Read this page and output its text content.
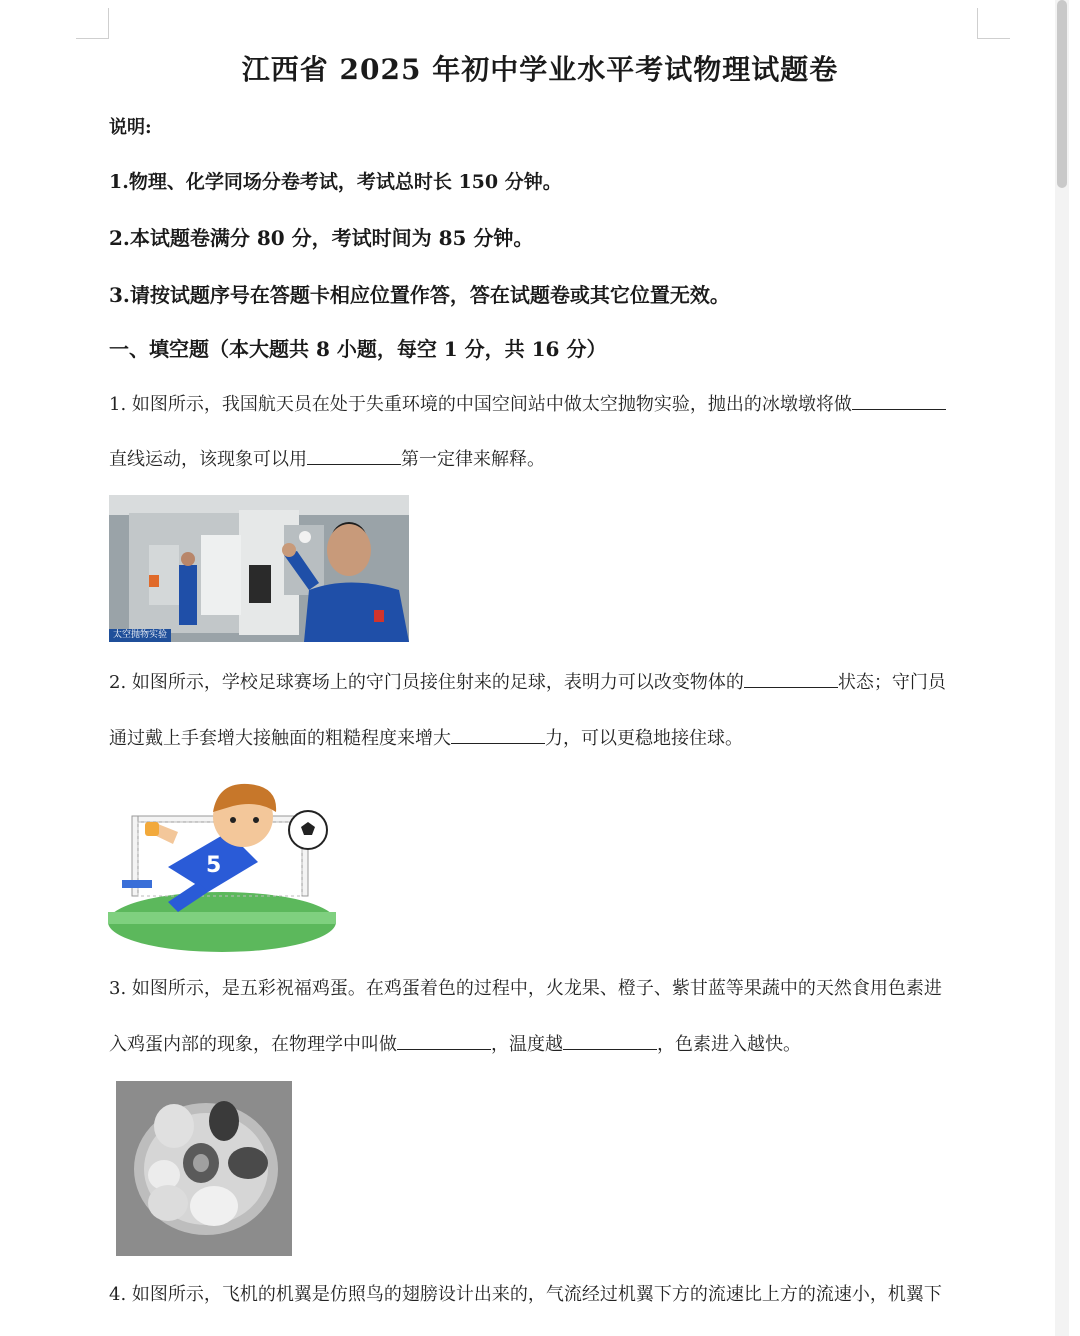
江西省 2025 年初中学业水平考试物理试题卷
说明:
1.物理、化学同场分卷考试，考试总时长 150 分钟。
2.本试题卷满分 80 分，考试时间为 85 分钟。
3.请按试题序号在答题卡相应位置作答，答在试题卷或其它位置无效。
一、填空题（本大题共 8 小题，每空 1 分，共 16 分）
1. 如图所示，我国航天员在处于失重环境的中国空间站中做太空抛物实验，抛出的冰墩墩将做
直线运动，该现象可以用	第一定律来解释。
太空抛物实验
2. 如图所示，学校足球赛场上的守门员接住射来的足球，表明力可以改变物体的	状态；守门员
通过戴上手套增大接触面的粗糙程度来增大	力，可以更稳地接住球。
5
3. 如图所示，是五彩祝福鸡蛋。在鸡蛋着色的过程中，火龙果、橙子、紫甘蓝等果蔬中的天然食用色素进
入鸡蛋内部的现象，在物理学中叫做	，温度越	，色素进入越快。
4. 如图所示，飞机的机翼是仿照鸟的翅膀设计出来的，气流经过机翼下方的流速比上方的流速小，机翼下
